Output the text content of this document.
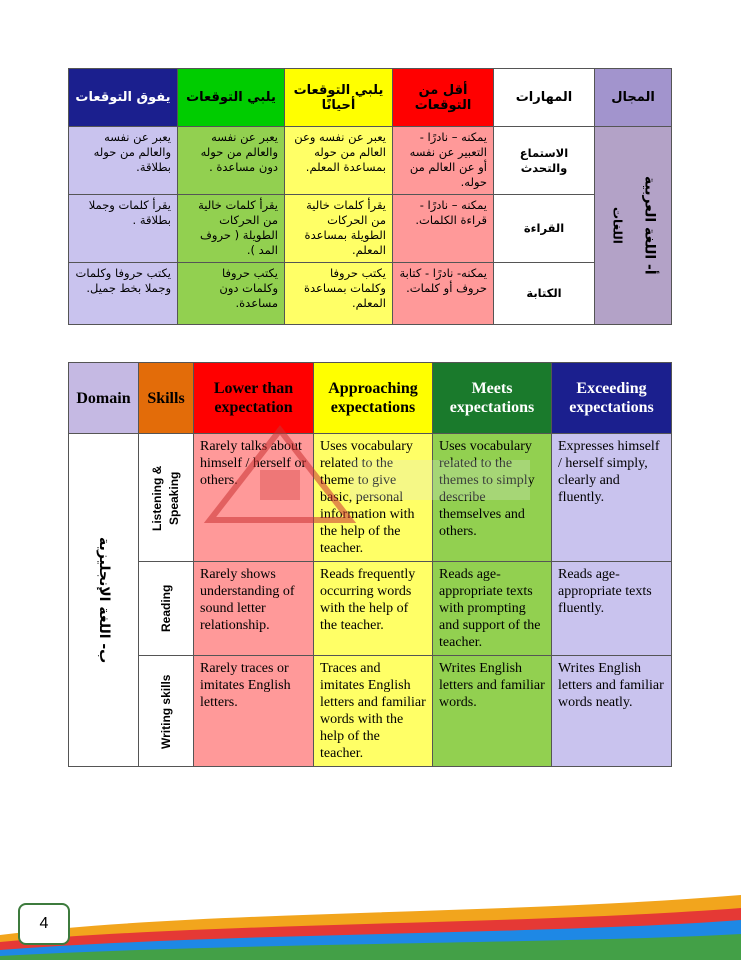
يفوق التوقعات	يلبي التوقعات	يلبي التوقعات أحيانًا	أقل من التوقعات	المهارات	المجال
يعبر عن نفسه والعالم من حوله بطلاقة.	يعبر عن نفسه والعالم من حوله دون مساعدة .	يعبر عن نفسه وعن العالم من حوله بمساعدة المعلم.	يمكنه – نادرًا - التعبير عن نفسه أو عن العالم من حوله.	الاستماع والتحدث	أ- اللغة العربية
اللغات

يقرأ كلمات وجملا بطلاقة .	يقرأ كلمات خالية من الحركات الطويلة ( حروف المد ).	يقرأ كلمات خالية من الحركات الطويلة بمساعدة المعلم.	يمكنه – نادرًا - قراءة الكلمات.	القراءة	
يكتب حروفا وكلمات وجملا بخط جميل.	يكتب حروفا وكلمات دون مساعدة.	يكتب حروفا وكلمات بمساعدة المعلم.	يمكنه- نادرًا - كتابة حروف أو كلمات.	الكتابة	
Domain	Skills	Lower than expectation	Approaching expectations	Meets expectations	Exceeding expectations

ب- اللغة الإنجليزية	Listening & Speaking	Rarely talks about himself / herself or others.	Uses vocabulary related to the theme to give basic, personal information with the help of the teacher.	Uses vocabulary related to the themes to simply describe themselves and others.	Expresses himself / herself simply, clearly and fluently.

	Reading	Rarely shows understanding of sound letter relationship.	Reads frequently occurring words with the help of the teacher.	Reads age-appropriate texts with prompting and support of the teacher.	Reads age-appropriate texts fluently.

	Writing skills	Rarely traces or imitates English letters.	Traces and imitates English letters and familiar words with the help of the teacher.	Writes English letters and familiar words.	Writes English letters and familiar words neatly.
4
